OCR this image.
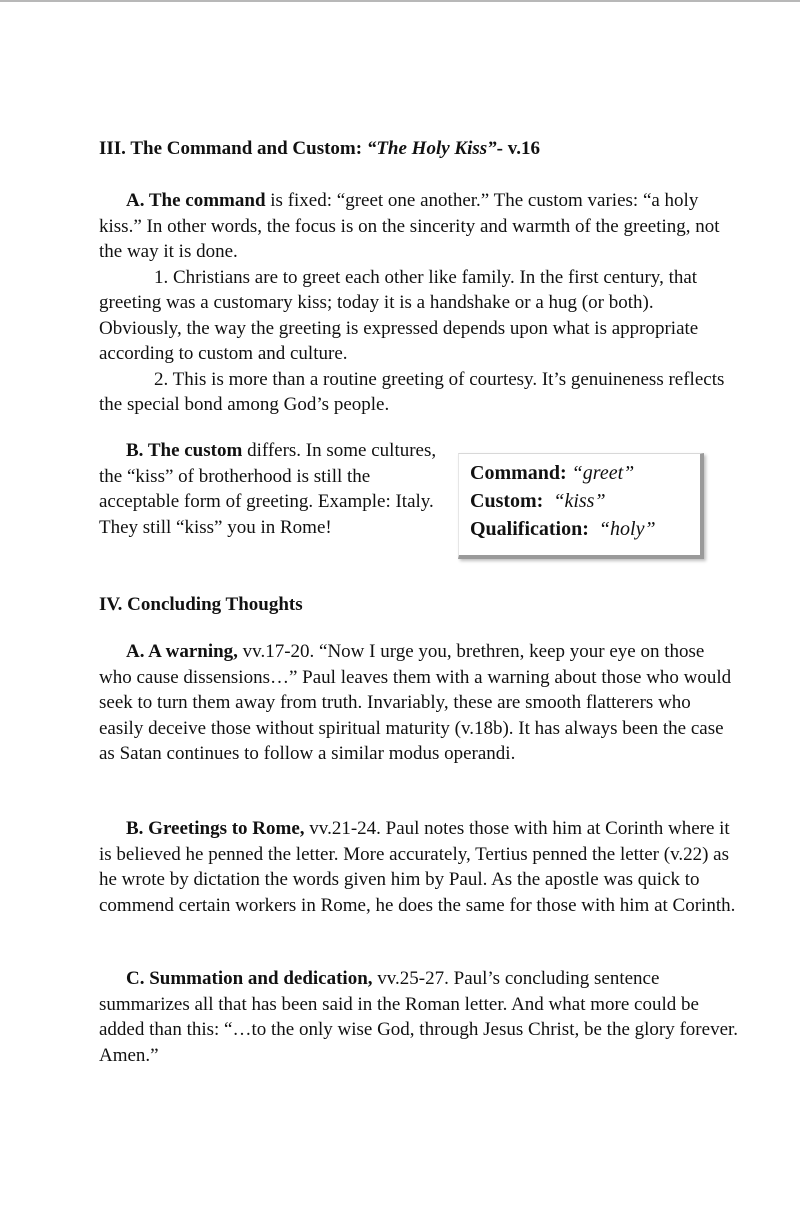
III. The Command and Custom: “The Holy Kiss”- v.16

A. The command is fixed: “greet one another.” The custom varies: “a holy kiss.” In other words, the focus is on the sincerity and warmth of the greeting, not the way it is done.

1. Christians are to greet each other like family. In the first century, that greeting was a customary kiss; today it is a handshake or a hug (or both). Obviously, the way the greeting is expressed depends upon what is appropriate according to custom and culture.

2. This is more than a routine greeting of courtesy. It’s genuineness reflects the special bond among God’s people.

B. The custom differs. In some cultures, the “kiss” of brotherhood is still the acceptable form of greeting. Example: Italy. They still “kiss” you in Rome!

IV. Concluding Thoughts

A. A warning, vv.17-20. “Now I urge you, brethren, keep your eye on those who cause dissensions…” Paul leaves them with a warning about those who would seek to turn them away from truth. Invariably, these are smooth flatterers who easily deceive those without spiritual maturity (v.18b). It has always been the case as Satan continues to follow a similar modus operandi.

B. Greetings to Rome, vv.21-24. Paul notes those with him at Corinth where it is believed he penned the letter. More accurately, Tertius penned the letter (v.22) as he wrote by dictation the words given him by Paul. As the apostle was quick to commend certain workers in Rome, he does the same for those with him at Corinth.

C. Summation and dedication, vv.25-27. Paul’s concluding sentence summarizes all that has been said in the Roman letter. And what more could be added than this: “…to the only wise God, through Jesus Christ, be the glory forever. Amen.”

Command: “greet”
Custom: “kiss”
Qualification: “holy”
